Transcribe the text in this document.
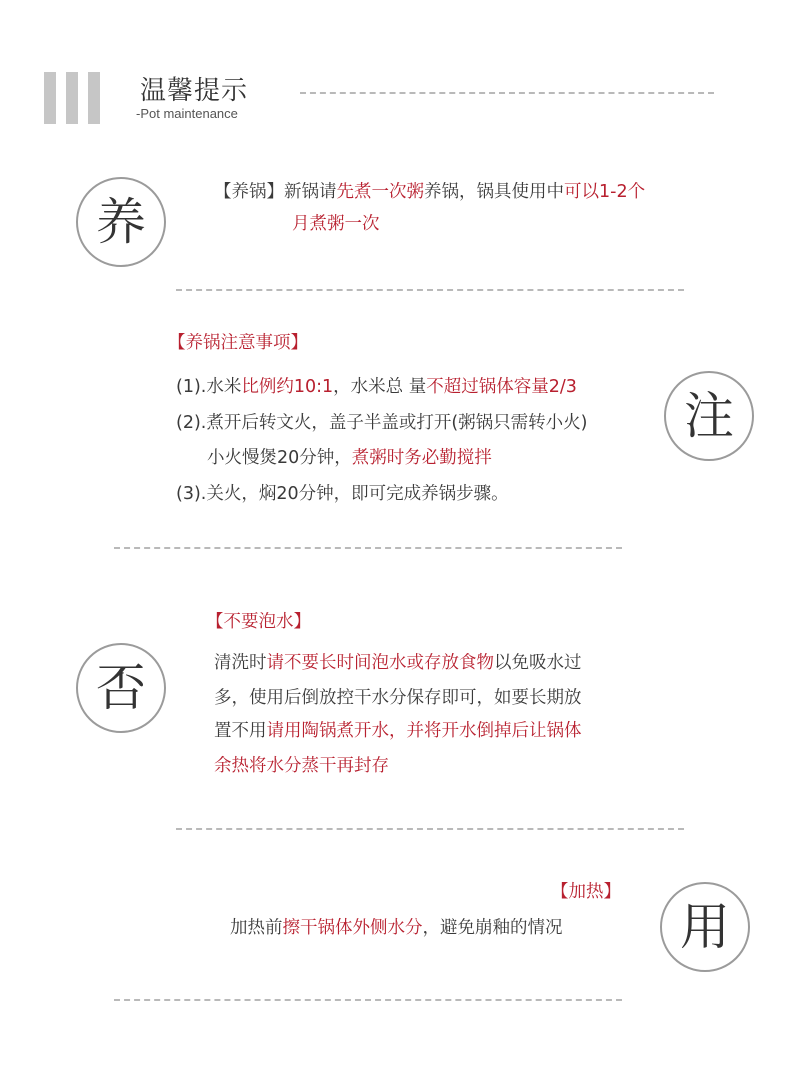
温馨提示
-Pot maintenance
养
【养锅】新锅请先煮一次粥养锅，锅具使用中可以1-2个
月煮粥一次
【养锅注意事项】
(1).水米比例约10:1，水米总 量不超过锅体容量2/3
(2).煮开后转文火，盖子半盖或打开(粥锅只需转小火)
小火慢煲20分钟，煮粥时务必勤搅拌
(3).关火，焖20分钟，即可完成养锅步骤。
注
【不要泡水】
否	清洗时请不要长时间泡水或存放食物以免吸水过
多，使用后倒放控干水分保存即可，如要长期放
置不用请用陶锅煮开水，并将开水倒掉后让锅体
余热将水分蒸干再封存
【加热】
加热前擦干锅体外侧水分，避免崩釉的情况 用
